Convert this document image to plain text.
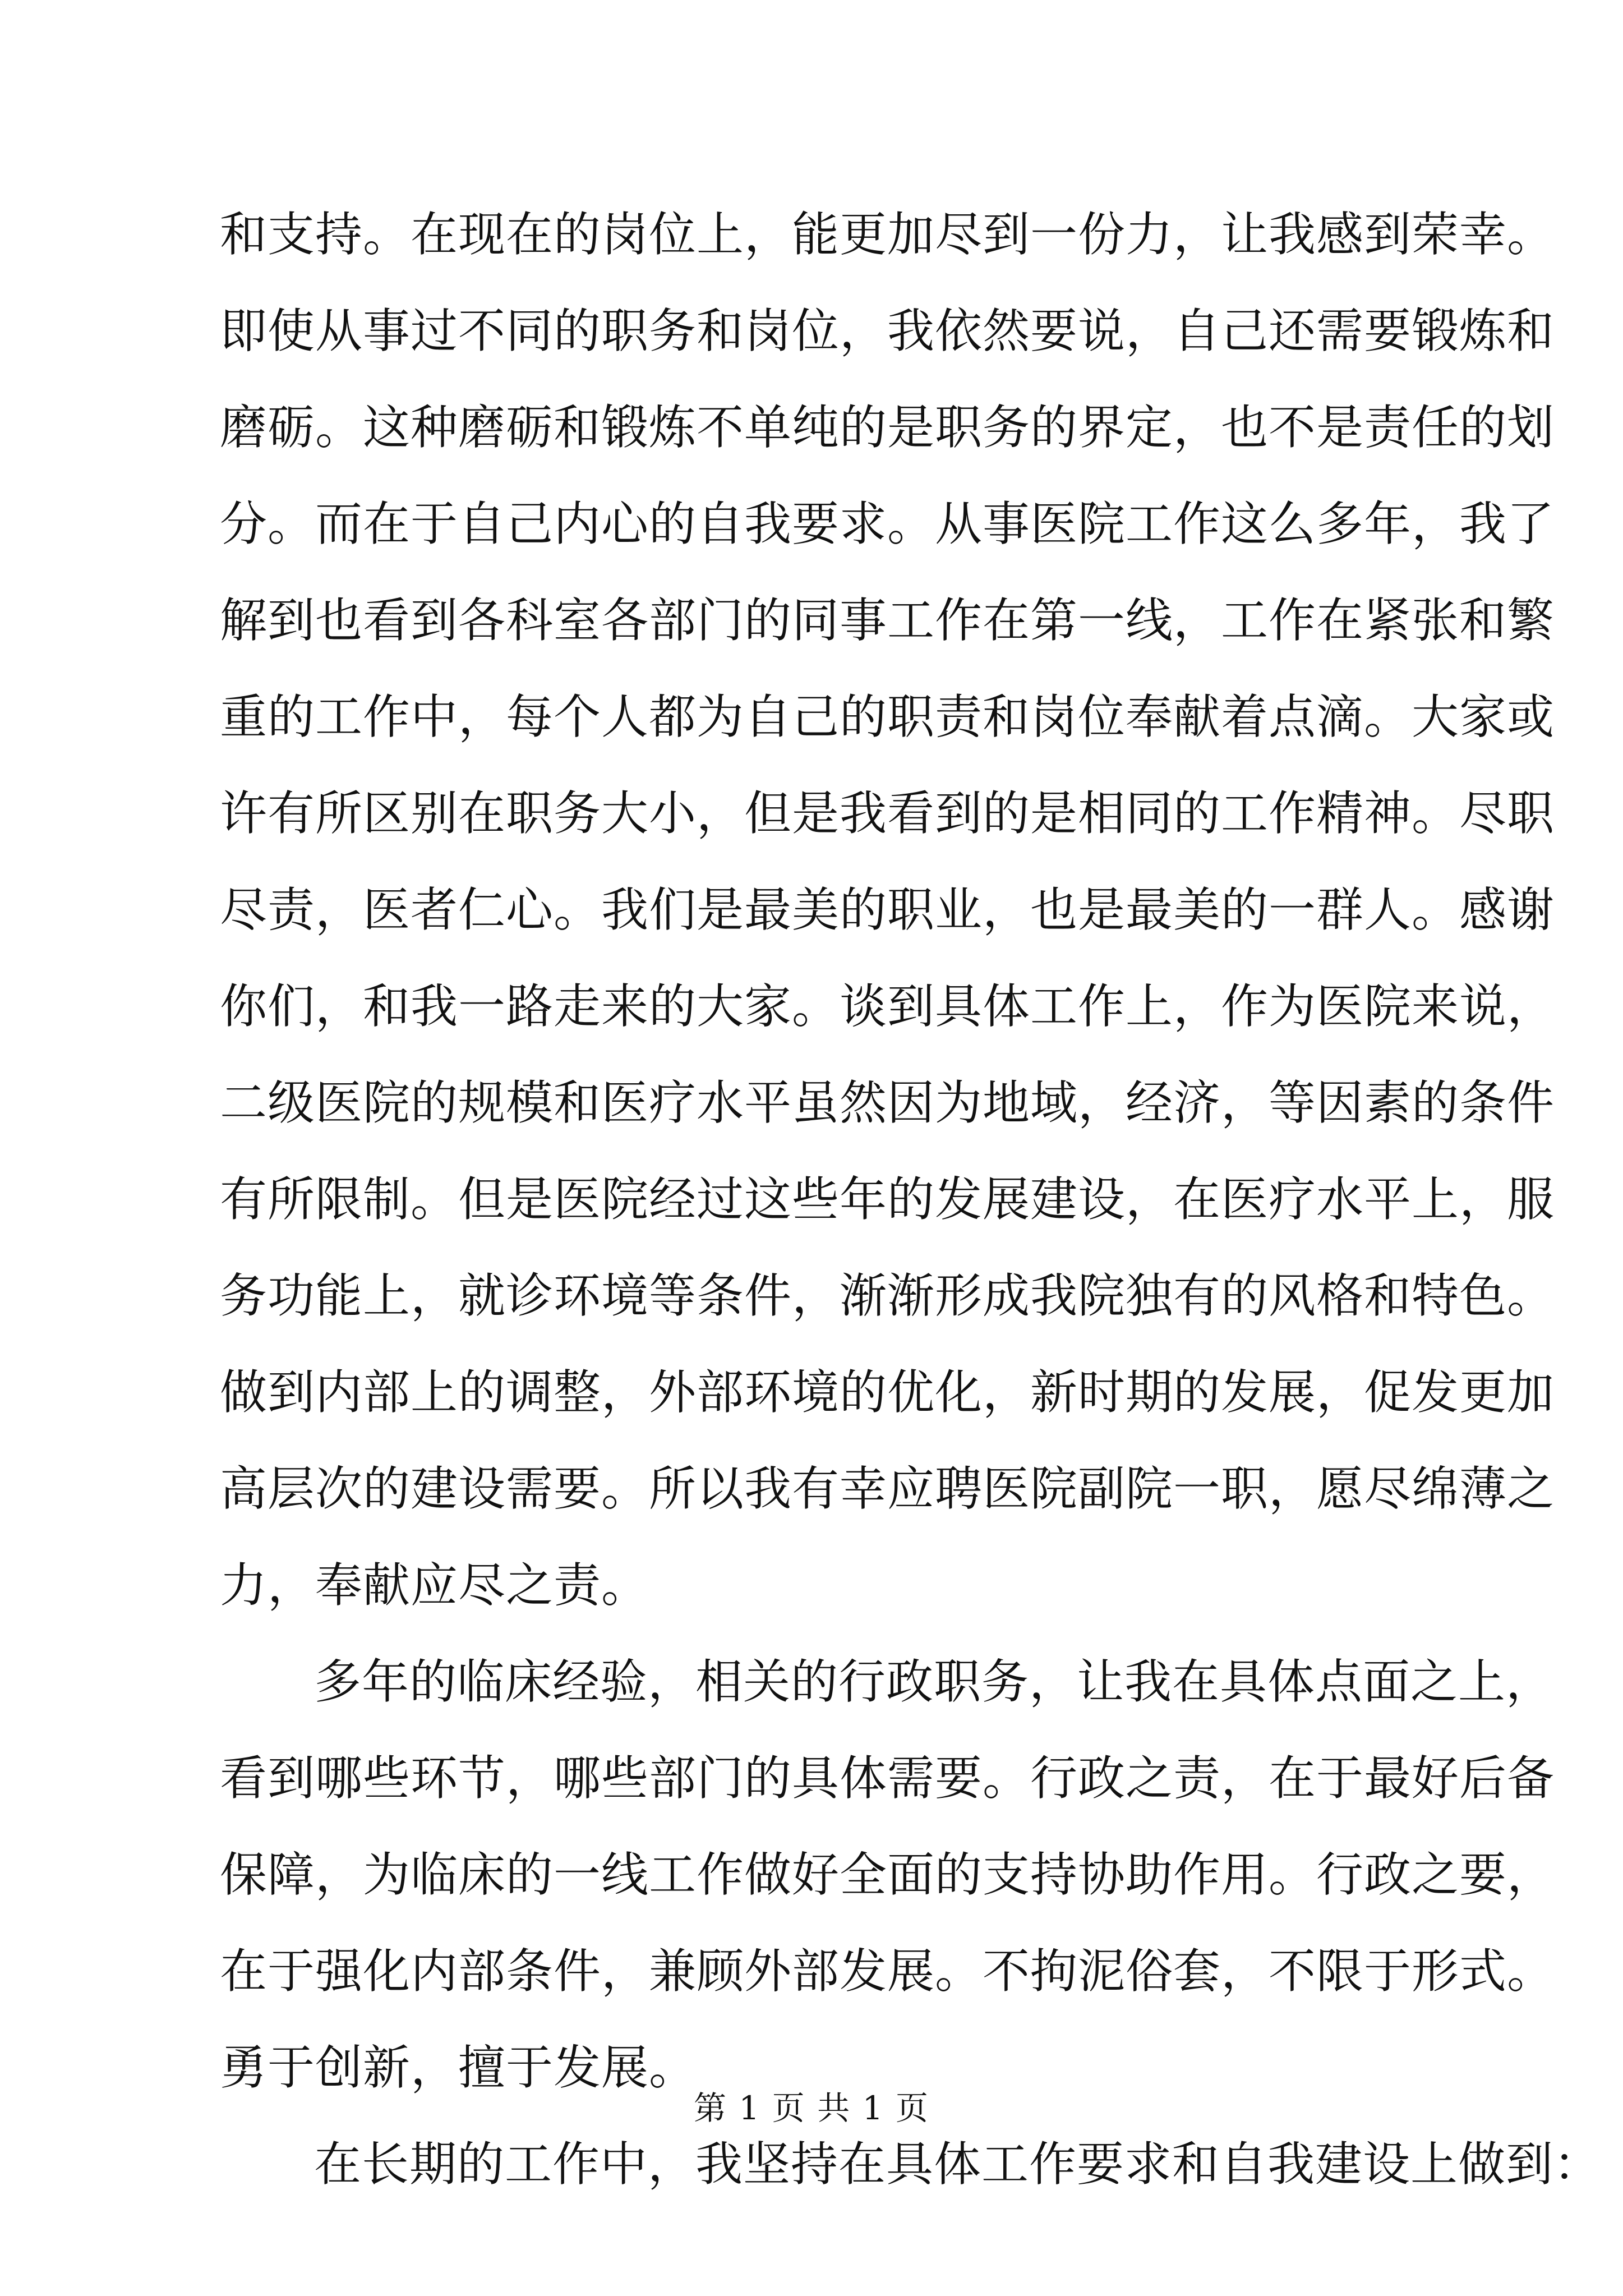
和支持。在现在的岗位上，能更加尽到一份力，让我感到荣幸。
即使从事过不同的职务和岗位，我依然要说，自己还需要锻炼和
磨砺。这种磨砺和锻炼不单纯的是职务的界定，也不是责任的划
分。而在于自己内心的自我要求。从事医院工作这么多年，我了
解到也看到各科室各部门的同事工作在第一线，工作在紧张和繁
重的工作中，每个人都为自己的职责和岗位奉献着点滴。大家或
许有所区别在职务大小，但是我看到的是相同的工作精神。尽职
尽责，医者仁心。我们是最美的职业，也是最美的一群人。感谢
你们，和我一路走来的大家。谈到具体工作上，作为医院来说，
二级医院的规模和医疗水平虽然因为地域，经济，等因素的条件
有所限制。但是医院经过这些年的发展建设，在医疗水平上，服
务功能上，就诊环境等条件，渐渐形成我院独有的风格和特色。
做到内部上的调整，外部环境的优化，新时期的发展，促发更加
高层次的建设需要。所以我有幸应聘医院副院一职，愿尽绵薄之
力，奉献应尽之责。
多年的临床经验，相关的行政职务，让我在具体点面之上，
看到哪些环节，哪些部门的具体需要。行政之责，在于最好后备
保障，为临床的一线工作做好全面的支持协助作用。行政之要，
在于强化内部条件，兼顾外部发展。不拘泥俗套，不限于形式。
勇于创新，擅于发展。
在长期的工作中，我坚持在具体工作要求和自我建设上做到：
第 1 页 共 1 页
